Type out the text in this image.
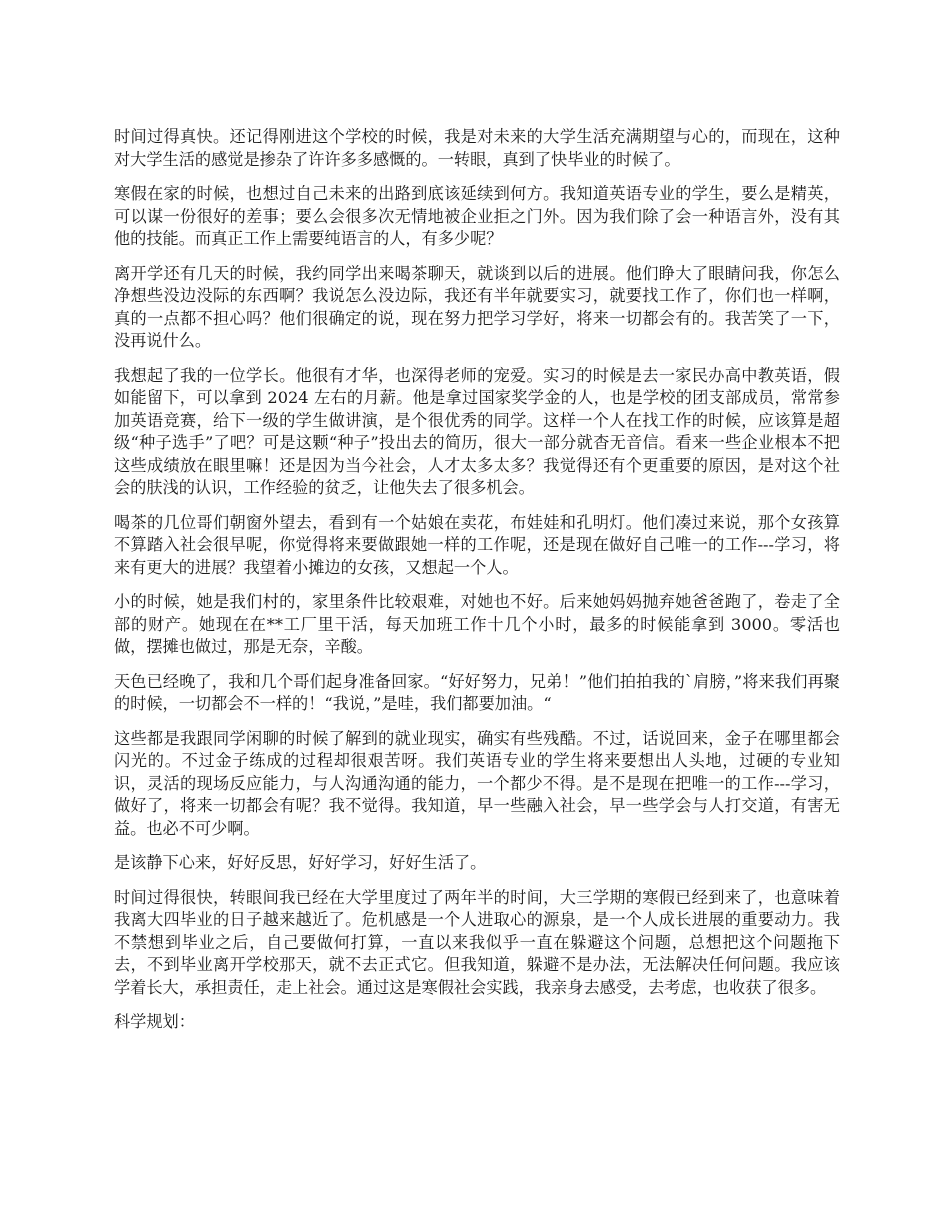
时间过得真快。还记得刚进这个学校的时候，我是对未来的大学生活充满期望与心的，而现在，这种对大学生活的感觉是掺杂了许许多多感慨的。一转眼，真到了快毕业的时候了。

寒假在家的时候，也想过自己未来的出路到底该延续到何方。我知道英语专业的学生，要么是精英，可以谋一份很好的差事；要么会很多次无情地被企业拒之门外。因为我们除了会一种语言外，没有其他的技能。而真正工作上需要纯语言的人，有多少呢？

离开学还有几天的时候，我约同学出来喝茶聊天，就谈到以后的进展。他们睁大了眼睛问我，你怎么净想些没边没际的东西啊？我说怎么没边际，我还有半年就要实习，就要找工作了，你们也一样啊，真的一点都不担心吗？他们很确定的说，现在努力把学习学好，将来一切都会有的。我苦笑了一下，没再说什么。

我想起了我的一位学长。他很有才华，也深得老师的宠爱。实习的时候是去一家民办高中教英语，假如能留下，可以拿到 2024 左右的月薪。他是拿过国家奖学金的人，也是学校的团支部成员，常常参加英语竞赛，给下一级的学生做讲演，是个很优秀的同学。这样一个人在找工作的时候，应该算是超级“种子选手”了吧？可是这颗“种子”投出去的简历，很大一部分就杳无音信。看来一些企业根本不把这些成绩放在眼里嘛！还是因为当今社会，人才太多太多？我觉得还有个更重要的原因，是对这个社会的肤浅的认识，工作经验的贫乏，让他失去了很多机会。

喝茶的几位哥们朝窗外望去，看到有一个姑娘在卖花，布娃娃和孔明灯。他们凑过来说，那个女孩算不算踏入社会很早呢，你觉得将来要做跟她一样的工作呢，还是现在做好自己唯一的工作---学习，将来有更大的进展？我望着小摊边的女孩，又想起一个人。

小的时候，她是我们村的，家里条件比较艰难，对她也不好。后来她妈妈抛弃她爸爸跑了，卷走了全部的财产。她现在在**工厂里干活，每天加班工作十几个小时，最多的时候能拿到 3000。零活也做，摆摊也做过，那是无奈，辛酸。

天色已经晚了，我和几个哥们起身准备回家。“好好努力，兄弟！”他们拍拍我的`肩膀，”将来我们再聚的时候，一切都会不一样的！“我说，”是哇，我们都要加油。“

这些都是我跟同学闲聊的时候了解到的就业现实，确实有些残酷。不过，话说回来，金子在哪里都会闪光的。不过金子练成的过程却很艰苦呀。我们英语专业的学生将来要想出人头地，过硬的专业知识，灵活的现场反应能力，与人沟通沟通的能力，一个都少不得。是不是现在把唯一的工作---学习，做好了，将来一切都会有呢？我不觉得。我知道，早一些融入社会，早一些学会与人打交道，有害无益。也必不可少啊。

是该静下心来，好好反思，好好学习，好好生活了。

时间过得很快，转眼间我已经在大学里度过了两年半的时间，大三学期的寒假已经到来了，也意味着我离大四毕业的日子越来越近了。危机感是一个人进取心的源泉，是一个人成长进展的重要动力。我不禁想到毕业之后，自己要做何打算，一直以来我似乎一直在躲避这个问题，总想把这个问题拖下去，不到毕业离开学校那天，就不去正式它。但我知道，躲避不是办法，无法解决任何问题。我应该学着长大，承担责任，走上社会。通过这是寒假社会实践，我亲身去感受，去考虑，也收获了很多。

科学规划：
